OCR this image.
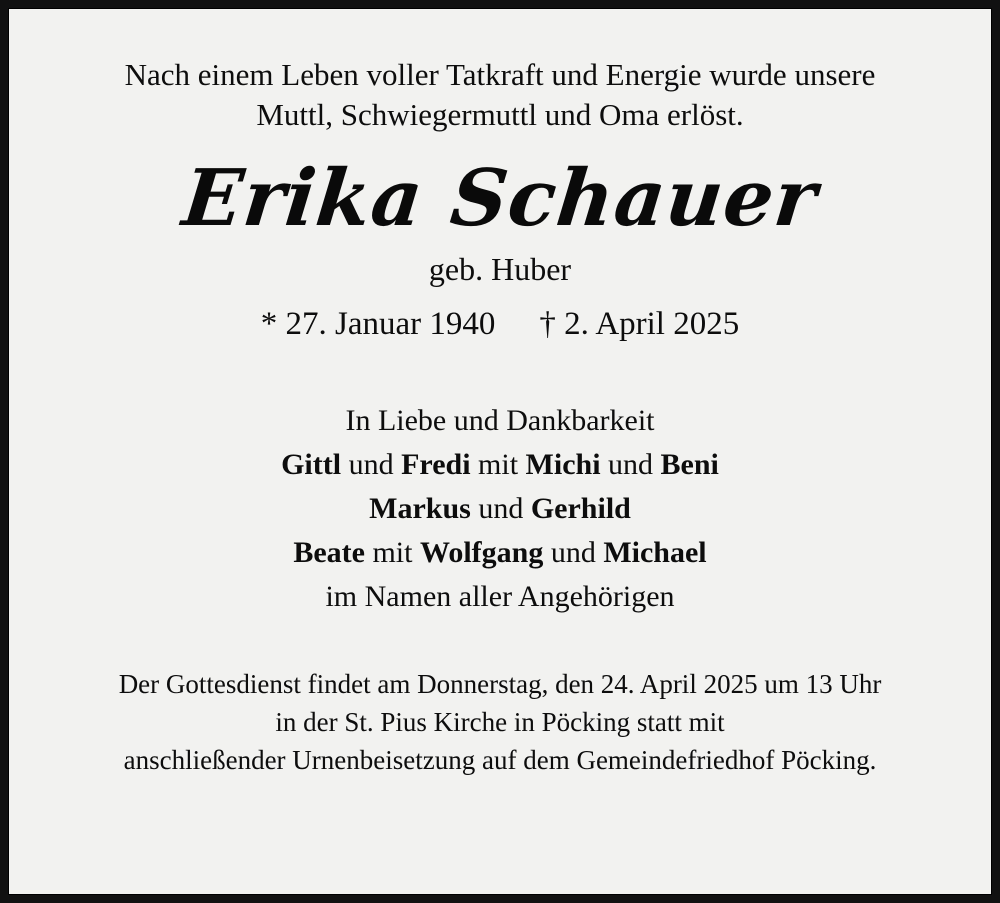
Nach einem Leben voller Tatkraft und Energie wurde unsere
Muttl, Schwiegermuttl und Oma erlöst.
Erika Schauer
geb. Huber
* 27. Januar 1940 † 2. April 2025
In Liebe und Dankbarkeit
Gittl und Fredi mit Michi und Beni
Markus und Gerhild
Beate mit Wolfgang und Michael
im Namen aller Angehörigen
Der Gottesdienst findet am Donnerstag, den 24. April 2025 um 13 Uhr
in der St. Pius Kirche in Pöcking statt mit
anschließender Urnenbeisetzung auf dem Gemeindefriedhof Pöcking.
